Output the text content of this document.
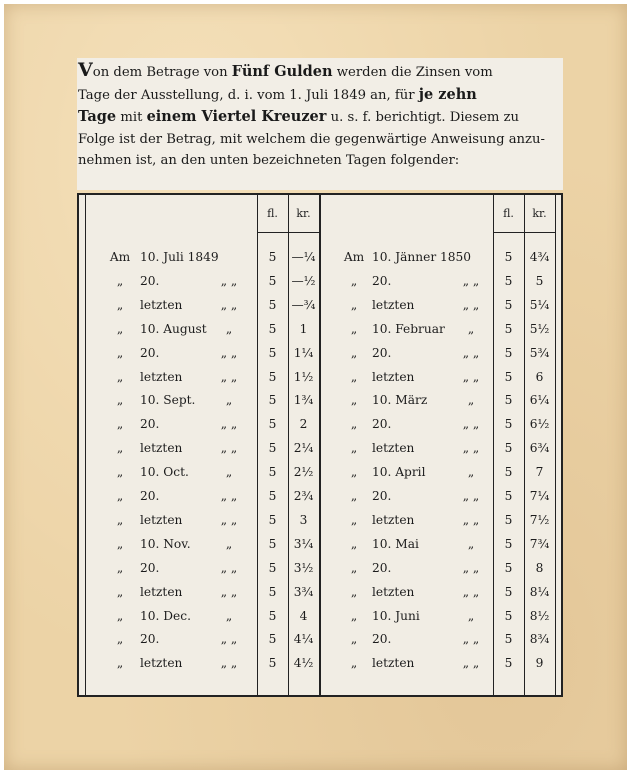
Von dem Betrage von Fünf Gulden werden die Zinsen vom
Tage der Ausstellung, d. i. vom 1. Juli 1849 an, für je zehn
Tage mit einem Viertel Kreuzer u. s. f. berichtigt. Diesem zu
Folge ist der Betrag, mit welchem die gegenwärtige Anweisung anzu-
nehmen ist, an den unten bezeichneten Tagen folgender:
fl.	kr.	fl.	kr.
Am 10. Juli 1849	5	—¼
„	20.	„ „	5	—½
„	letzten	„ „	5	—¾
„	10. August	„	5	1
„	20.	„ „	5	1¼
„	letzten	„ „	5	1½
„	10. Sept.	„	5	1¾
„	20.	„ „	5	2
„	letzten	„ „	5	2¼
„	10. Oct.	„	5	2½
„	20.	„ „	5	2¾
„	letzten	„ „	5	3
„	10. Nov.	„	5	3¼
„	20.	„ „	5	3½
„	letzten	„ „	5	3¾
„	10. Dec.	„	5	4
„	20.	„ „	5	4¼
„	letzten	„ „	5	4½
Am 10. Jänner 1850	5	4¾
„	20.	„ „	5	5
„	letzten	„ „	5	5¼
„	10. Februar	„	5	5½
„	20.	„ „	5	5¾
„	letzten	„ „	5	6
„	10. März	„	5	6¼
„	20.	„ „	5	6½
„	letzten	„ „	5	6¾
„	10. April	„	5	7
„	20.	„ „	5	7¼
„	letzten	„ „	5	7½
„	10. Mai	„	5	7¾
„	20.	„ „	5	8
„	letzten	„ „	5	8¼
„	10. Juni	„	5	8½
„	20.	„ „	5	8¾
„	letzten	„ „	5	9
